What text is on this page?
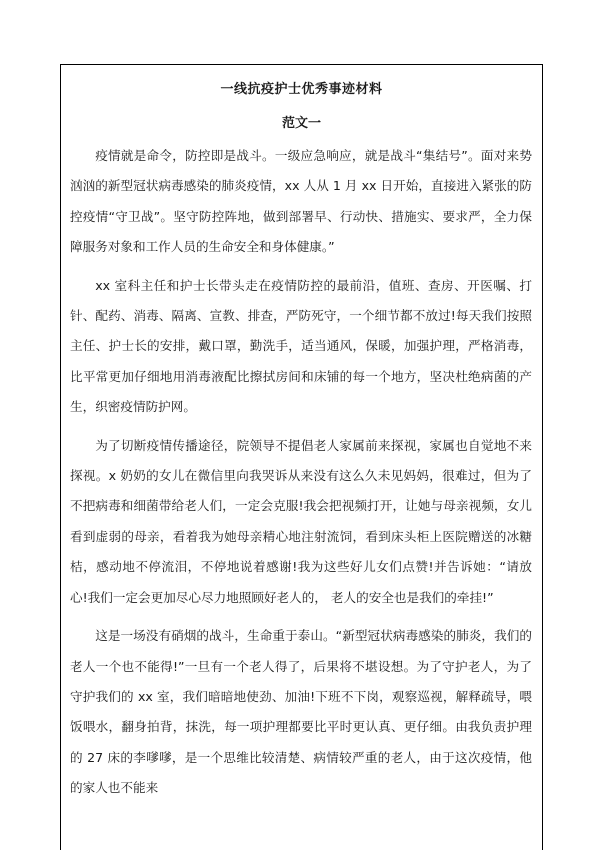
一线抗疫护士优秀事迹材料
范文一

疫情就是命令，防控即是战斗。一级应急响应，就是战斗“集结号”。面对来势汹汹的新型冠状病毒感染的肺炎疫情，xx 人从 1 月 xx 日开始，直接进入紧张的防控疫情“守卫战”。坚守防控阵地，做到部署早、行动快、措施实、要求严，全力保障服务对象和工作人员的生命安全和身体健康。”

xx 室科主任和护士长带头走在疫情防控的最前沿，值班、查房、开医嘱、打针、配药、消毒、隔离、宣教、排查，严防死守，一个细节都不放过!每天我们按照主任、护士长的安排，戴口罩，勤洗手，适当通风，保暖，加强护理，严格消毒，比平常更加仔细地用消毒液配比擦拭房间和床铺的每一个地方，坚决杜绝病菌的产生，织密疫情防护网。

为了切断疫情传播途径，院领导不提倡老人家属前来探视，家属也自觉地不来探视。x 奶奶的女儿在微信里向我哭诉从来没有这么久未见妈妈，很难过，但为了不把病毒和细菌带给老人们，一定会克服!我会把视频打开，让她与母亲视频，女儿看到虚弱的母亲，看着我为她母亲精心地注射流饲，看到床头柜上医院赠送的冰糖桔，感动地不停流泪，不停地说着感谢!我为这些好儿女们点赞!并告诉她：“请放心!我们一定会更加尽心尽力地照顾好老人的， 老人的安全也是我们的牵挂!”

这是一场没有硝烟的战斗，生命重于泰山。“新型冠状病毒感染的肺炎，我们的老人一个也不能得!”一旦有一个老人得了，后果将不堪设想。为了守护老人，为了守护我们的 xx 室，我们暗暗地使劲、加油!下班不下岗，观察巡视，解释疏导，喂饭喂水，翻身拍背，抹洗，每一项护理都要比平时更认真、更仔细。由我负责护理的 27 床的李嗲嗲，是一个思维比较清楚、病情较严重的老人，由于这次疫情，他的家人也不能来
